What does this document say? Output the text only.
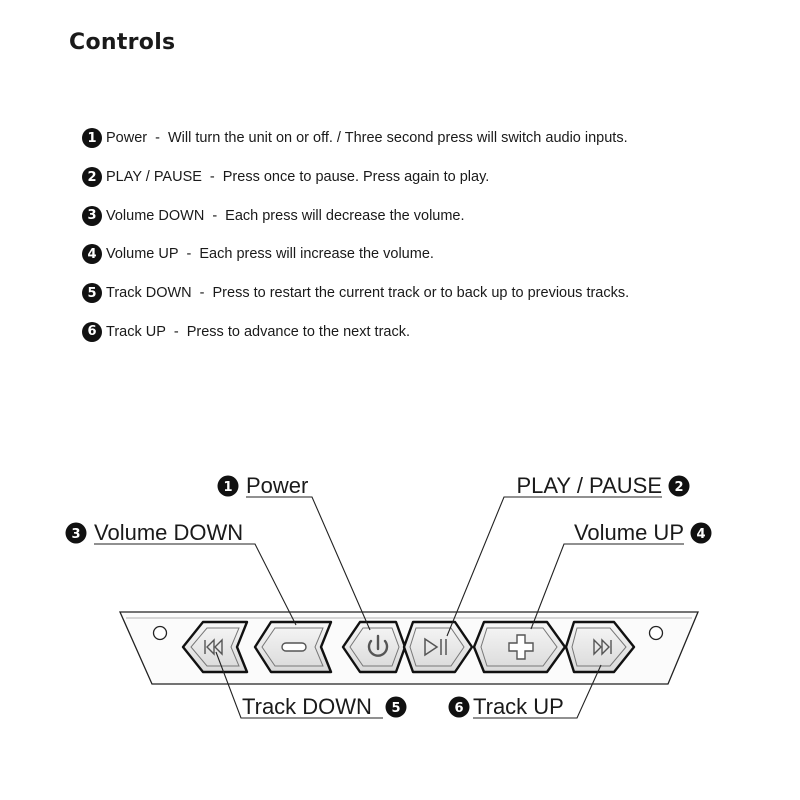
Controls
1 Power - Will turn the unit on or off. / Three second press will switch audio inputs.
2 PLAY / PAUSE - Press once to pause. Press again to play.
3 Volume DOWN - Each press will decrease the volume.
4 Volume UP - Each press will increase the volume.
5 Track DOWN - Press to restart the current track or to back up to previous tracks.
6 Track UP - Press to advance to the next track.
Power
1	PLAY / PAUSE 2
Volume DOWN
3	Volume UP 4
Track DOWN 5	Track UP
6
